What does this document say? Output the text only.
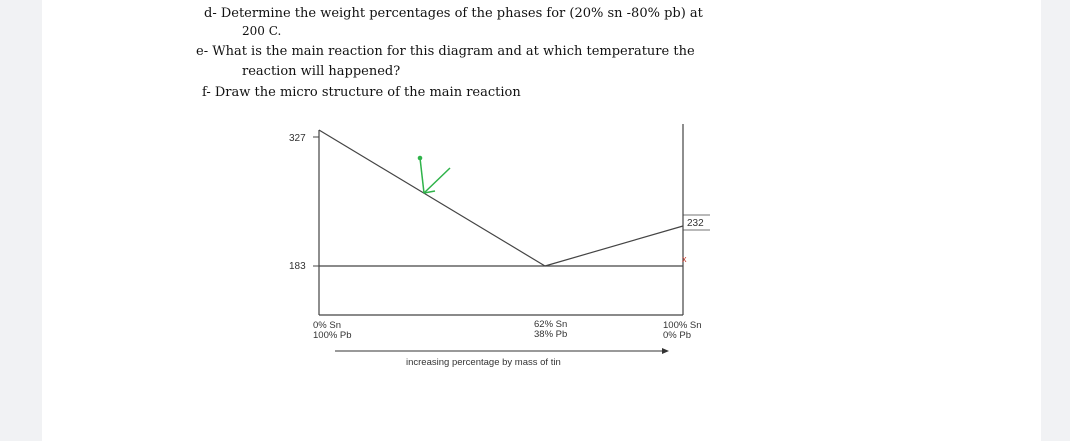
d- Determine the weight percentages of the phases for (20% sn -80% pb) at
200 C.
e- What is the main reaction for this diagram and at which temperature the
reaction will happened?
f- Draw the micro structure of the main reaction
327
183
232
x
0% Sn
100% Pb
62% Sn
38% Pb
100% Sn
0% Pb
increasing percentage by mass of tin
